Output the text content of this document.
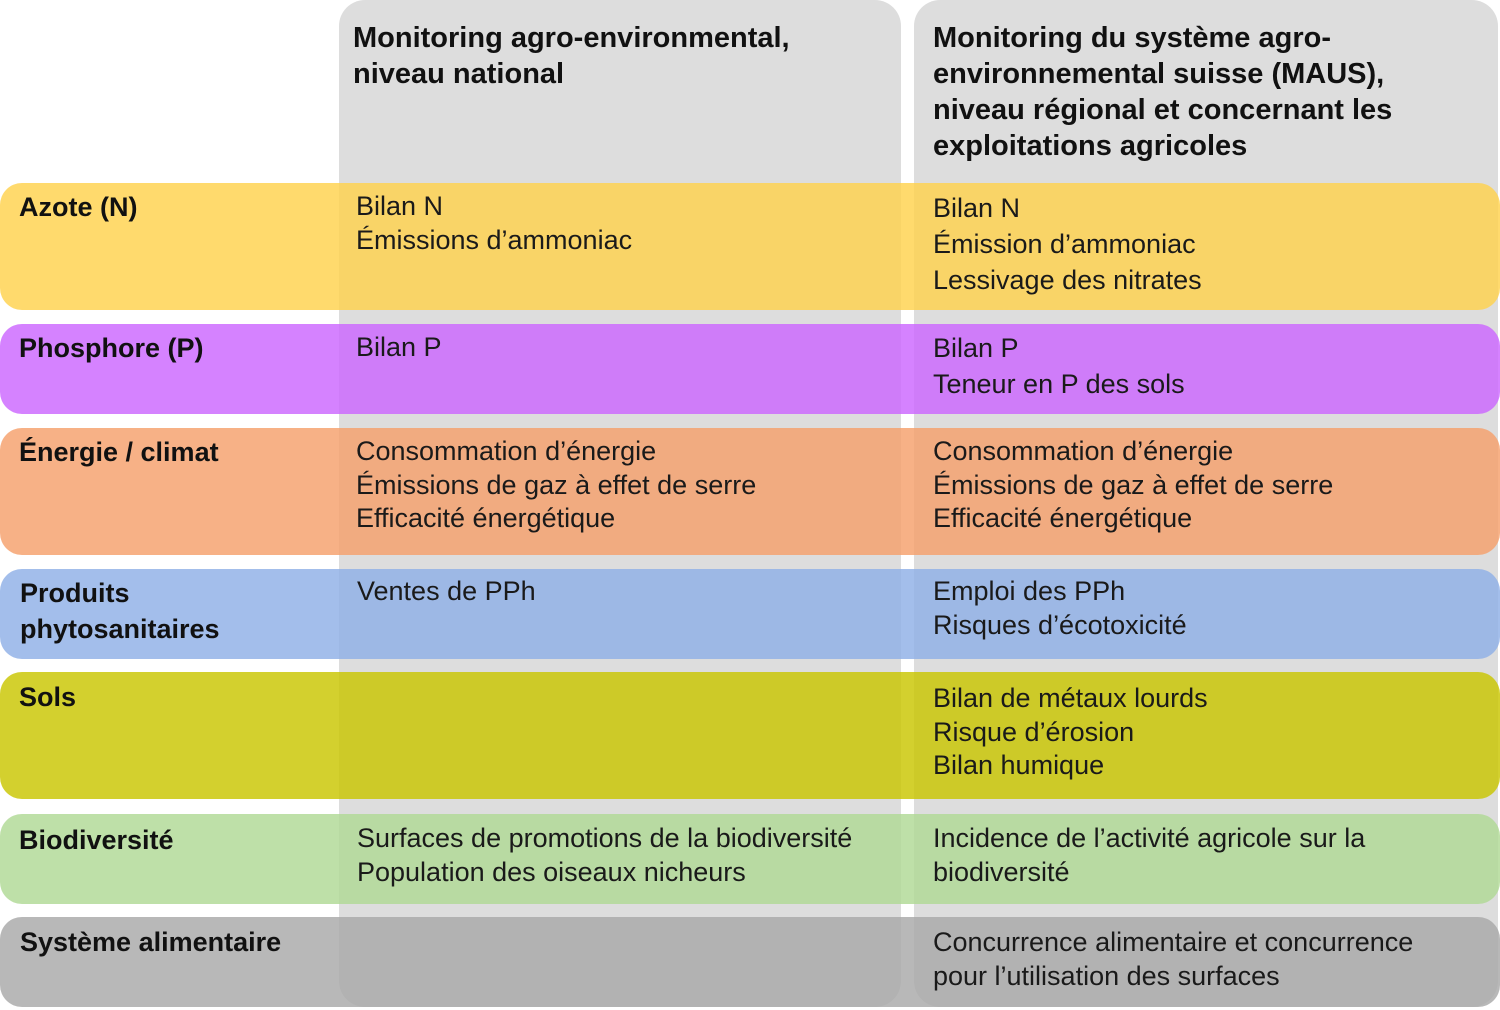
Monitoring agro-environmental,
niveau national
Monitoring du système agro-
environnemental suisse (MAUS),
niveau régional et concernant les
exploitations agricoles
Azote (N)
Phosphore (P)
Énergie / climat
Produits
phytosanitaires
Sols
Biodiversité
Système alimentaire
Bilan N
Émissions d’ammoniac
Bilan N
Émission d’ammoniac
Lessivage des nitrates
Bilan P	Bilan P
Teneur en P des sols
Consommation d’énergie
Émissions de gaz à effet de serre
Efficacité énergétique
Consommation d’énergie
Émissions de gaz à effet de serre
Efficacité énergétique
Ventes de PPh	Emploi des PPh
Risques d’écotoxicité
Bilan de métaux lourds
Risque d’érosion
Bilan humique
Surfaces de promotions de la biodiversité
Population des oiseaux nicheurs
Incidence de l’activité agricole sur la
biodiversité
Concurrence alimentaire et concurrence
pour l’utilisation des surfaces
